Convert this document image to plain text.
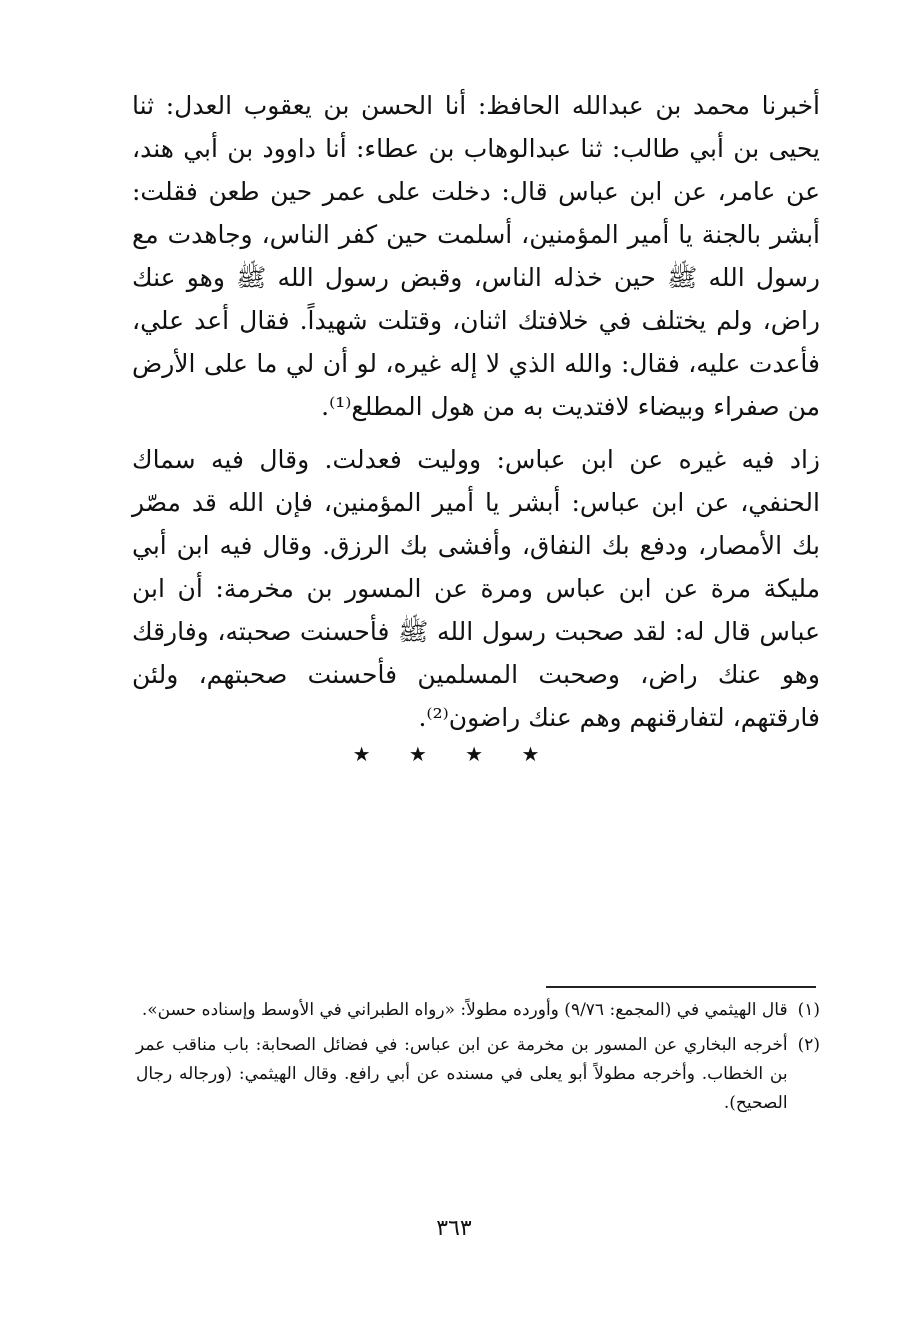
أخبرنا محمد بن عبدالله الحافظ: أنا الحسن بن يعقوب العدل: ثنا يحيى بن أبي طالب: ثنا عبدالوهاب بن عطاء: أنا داوود بن أبي هند، عن عامر، عن ابن عباس قال: دخلت على عمر حين طعن فقلت: أبشر بالجنة يا أمير المؤمنين، أسلمت حين كفر الناس، وجاهدت مع رسول الله ﷺ حين خذله الناس، وقبض رسول الله ﷺ وهو عنك راض، ولم يختلف في خلافتك اثنان، وقتلت شهيداً. فقال أعد علي، فأعدت عليه، فقال: والله الذي لا إله غيره، لو أن لي ما على الأرض من صفراء وبيضاء لافتديت به من هول المطلع⁽¹⁾.

زاد فيه غيره عن ابن عباس: ووليت فعدلت. وقال فيه سماك الحنفي، عن ابن عباس: أبشر يا أمير المؤمنين، فإن الله قد مصّر بك الأمصار، ودفع بك النفاق، وأفشى بك الرزق. وقال فيه ابن أبي مليكة مرة عن ابن عباس ومرة عن المسور بن مخرمة: أن ابن عباس قال له: لقد صحبت رسول الله ﷺ فأحسنت صحبته، وفارقك وهو عنك راض، وصحبت المسلمين فأحسنت صحبتهم، ولئن فارقتهم، لتفارقنهم وهم عنك راضون⁽²⁾.

★ ★ ★ ★
(١)
قال الهيثمي في (المجمع: ٩/٧٦) وأورده مطولاً: «رواه الطبراني في الأوسط وإسناده حسن».
(٢)
أخرجه البخاري عن المسور بن مخرمة عن ابن عباس: في فضائل الصحابة: باب مناقب عمر بن الخطاب. وأخرجه مطولاً أبو يعلى في مسنده عن أبي رافع. وقال الهيثمي: (ورجاله رجال الصحيح).
٣٦٣
